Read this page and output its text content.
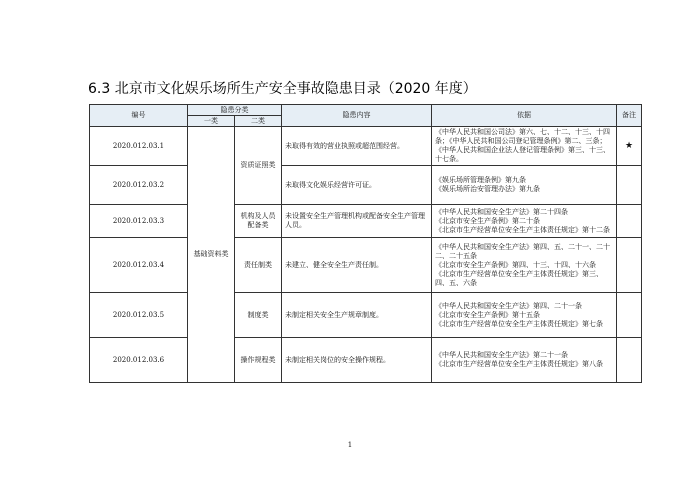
6.3 北京市文化娱乐场所生产安全事故隐患目录（2020 年度）
编号	隐患分类		隐患内容	依据	备注
	一类	二类			
2020.012.03.1	基础资料类	资质证照类	未取得有效的营业执照或超范围经营。	《中华人民共和国公司法》第六、七、十二、十三、十四条；《中华人民共和国公司登记管理条例》第二、三条；《中华人民共和国企业法人登记管理条例》第三、十三、十七条。	★
2020.012.03.2			未取得文化娱乐经营许可证。	《娱乐场所管理条例》第九条
《娱乐场所治安管理办法》第九条	

2020.012.03.3		机构及人员配备类	未设置安全生产管理机构或配备安全生产管理人员。	《中华人民共和国安全生产法》第二十四条
《北京市安全生产条例》第二十条
《北京市生产经营单位安全生产主体责任规定》第十二条	

2020.012.03.4		责任制类	未建立、健全安全生产责任制。	《中华人民共和国安全生产法》第四、五、二十一、二十二、二十五条
《北京市安全生产条例》第四、十三、十四、十六条
《北京市生产经营单位安全生产主体责任规定》第三、四、五、六条	

2020.012.03.5		制度类	未制定相关安全生产规章制度。	《中华人民共和国安全生产法》第四、二十一条
《北京市安全生产条例》第十五条
《北京市生产经营单位安全生产主体责任规定》第七条	

2020.012.03.6		操作规程类	未制定相关岗位的安全操作规程。	《中华人民共和国安全生产法》第二十一条
《北京市生产经营单位安全生产主体责任规定》第八条	

1
